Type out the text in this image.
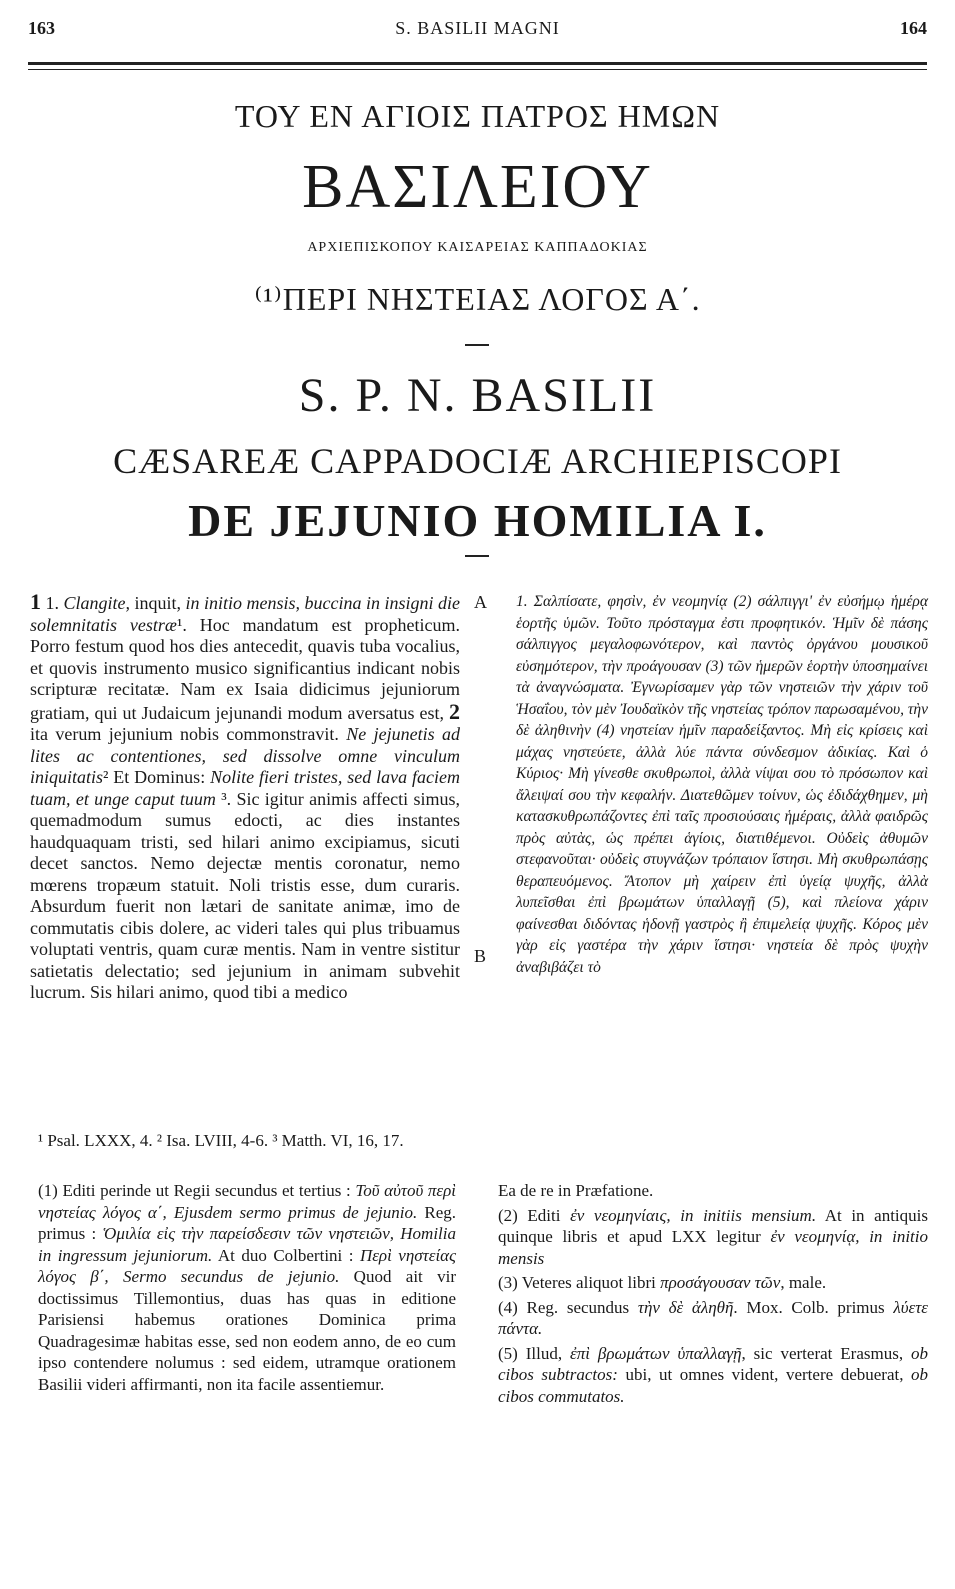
163	S. BASILII MAGNI	164
ΤΟΥ ΕΝ ΑΓΙΟΙΣ ΠΑΤΡΟΣ ΗΜΩΝ
ΒΑΣΙΛΕΙΟΥ
ΑΡΧΙΕΠΙΣΚΟΠΟΥ ΚΑΙΣΑΡΕΙΑΣ ΚΑΠΠΑΔΟΚΙΑΣ
⁽¹⁾ΠΕΡΙ ΝΗΣΤΕΙΑΣ ΛΟΓΟΣ Α΄.
S. P. N. BASILII
CÆSAREÆ CAPPADOCIÆ ARCHIEPISCOPI
DE JEJUNIO HOMILIA I.
1 1. Clangite, inquit, in initio mensis, buccina in insigni die solemnitatis vestræ¹. Hoc mandatum est propheticum. Porro festum quod hos dies antecedit, quavis tuba vocalius, et quovis instrumento musico significantius indicant nobis scripturæ recitatæ. Nam ex Isaia didicimus jejuniorum gratiam, qui ut Judaicum jejunandi modum aversatus est, 2 ita verum jejunium nobis commonstravit. Ne jejunetis ad lites ac contentiones, sed dissolve omne vinculum iniquitatis² Et Dominus: Nolite fieri tristes, sed lava faciem tuam, et unge caput tuum ³. Sic igitur animis affecti simus, quemadmodum sumus edocti, ac dies instantes haudquaquam tristi, sed hilari animo excipiamus, sicuti decet sanctos. Nemo dejectæ mentis coronatur, nemo mœrens tropæum statuit. Noli tristis esse, dum curaris. Absurdum fuerit non lætari de sanitate animæ, imo de commutatis cibis dolere, ac videri tales qui plus tribuamus voluptati ventris, quam curæ mentis. Nam in ventre sistitur satietatis delectatio; sed jejunium in animam subvehit lucrum. Sis hilari animo, quod tibi a medico
A
B
1. Σαλπίσατε, φησὶν, ἐν νεομηνίᾳ (2) σάλπιγγι' ἐν εὐσήμῳ ἡμέρᾳ ἑορτῆς ὑμῶν. Τοῦτο πρόσταγμα ἐστι προφητικόν. Ἡμῖν δὲ πάσης σάλπιγγος μεγαλοφωνότερον, καὶ παντὸς ὀργάνου μουσικοῦ εὐσημότερον, τὴν προάγουσαν (3) τῶν ἡμερῶν ἑορτὴν ὑποσημαίνει τὰ ἀναγνώσματα. Ἐγνωρίσαμεν γὰρ τῶν νηστειῶν τὴν χάριν τοῦ Ἡσαΐου, τὸν μὲν Ἰουδαϊκὸν τῆς νηστείας τρόπον παρωσαμένου, τὴν δὲ ἀληθινὴν (4) νηστείαν ἡμῖν παραδείξαντος. Μὴ εἰς κρίσεις καὶ μάχας νηστεύετε, ἀλλὰ λύε πάντα σύνδεσμον ἀδικίας. Καὶ ὁ Κύριος· Μὴ γίνεσθε σκυθρωποὶ, ἀλλὰ νίψαι σου τὸ πρόσωπον καὶ ἄλειψαί σου τὴν κεφαλήν. Διατεθῶμεν τοίνυν, ὡς ἐδιδάχθημεν, μὴ κατασκυθρωπάζοντες ἐπὶ ταῖς προσιούσαις ἡμέραις, ἀλλὰ φαιδρῶς πρὸς αὐτὰς, ὡς πρέπει ἁγίοις, διατιθέμενοι. Οὐδεὶς ἀθυμῶν στεφανοῦται· οὐδεὶς στυγνάζων τρόπαιον ἵστησι. Μὴ σκυθρωπάσῃς θεραπευόμενος. Ἄτοπον μὴ χαίρειν ἐπὶ ὑγείᾳ ψυχῆς, ἀλλὰ λυπεῖσθαι ἐπὶ βρωμάτων ὑπαλλαγῇ (5), καὶ πλείονα χάριν φαίνεσθαι διδόντας ἡδονῇ γαστρὸς ἢ ἐπιμελείᾳ ψυχῆς. Κόρος μὲν γὰρ εἰς γαστέρα τὴν χάριν ἵστησι· νηστεία δὲ πρὸς ψυχὴν ἀναβιβάζει τὸ
¹ Psal. LXXX, 4. ² Isa. LVIII, 4-6. ³ Matth. VI, 16, 17.

(1) Editi perinde ut Regii secundus et tertius : Τοῦ αὐτοῦ περὶ νηστείας λόγος α΄, Ejusdem sermo primus de jejunio. Reg. primus : Ὁμιλία εἰς τὴν παρείσδεσιν τῶν νηστειῶν, Homilia in ingressum jejuniorum. At duo Colbertini : Περὶ νηστείας λόγος β΄, Sermo secundus de jejunio. Quod ait vir doctissimus Tillemontius, duas has quas in editione Parisiensi habemus orationes Dominica prima Quadragesimæ habitas esse, sed non eodem anno, de eo cum ipso contendere nolumus : sed eidem, utramque orationem Basilii videri affirmanti, non ita facile assentiemur.

Ea de re in Præfatione.

(2) Editi ἐν νεομηνίαις, in initiis mensium. At in antiquis quinque libris et apud LXX legitur ἐν νεομηνίᾳ, in initio mensis

(3) Veteres aliquot libri προσάγουσαν τῶν, male.

(4) Reg. secundus τὴν δὲ ἀληθῆ. Mox. Colb. primus λύετε πάντα.

(5) Illud, ἐπὶ βρωμάτων ὑπαλλαγῇ, sic verterat Erasmus, ob cibos subtractos: ubi, ut omnes vident, vertere debuerat, ob cibos commutatos.
